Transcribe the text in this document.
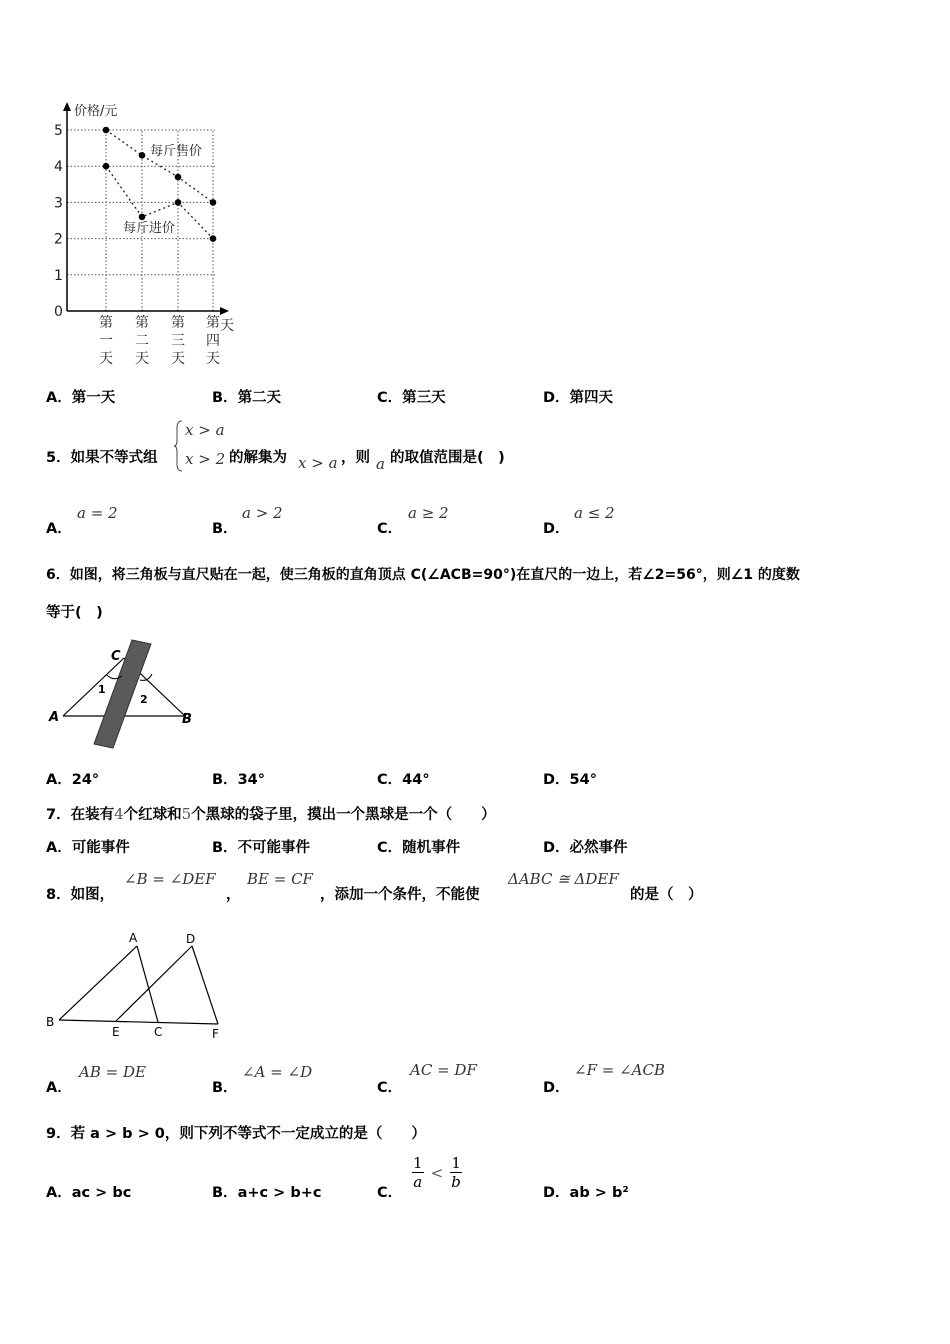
价格/元
天
0
1
2
3
4
5
第
一
天
第
二
天
第
三
天
第
四
天
每斤售价
每斤进价
A．第一天	B．第二天	C．第三天	D．第四天
5．如果不等式组
x > a
x > 2 的解集为 x > a ，则 a 的取值范围是(　)
A．
a = 2
B．
a > 2
C．
a ≥ 2
D．
a ≤ 2
6．如图，将三角板与直尺贴在一起，使三角板的直角顶点 C(∠ACB=90°)在直尺的一边上，若∠2=56°，则∠1 的度数
等于(　)
C
A	B
1
2
A．24°	B．34°	C．44°	D．54°
7．在装有4个红球和5个黑球的袋子里，摸出一个黑球是一个（　　）
A．可能事件	B．不可能事件	C．随机事件	D．必然事件
8．如图，
∠B = ∠DEF
，
BE = CF
，添加一个条件，不能使
ΔABC ≅ ΔDEF
的是（　）
A	D
B
E	C	F
A．
AB = DE
B．
∠A = ∠D
C．
AC = DF
D．
∠F = ∠ACB
9．若 a > b > 0，则下列不等式不一定成立的是（　　）
A．ac > bc	B．a+c > b+c	C．
$\frac{1}{a} < \frac{1}{b}$
D．ab > b²
